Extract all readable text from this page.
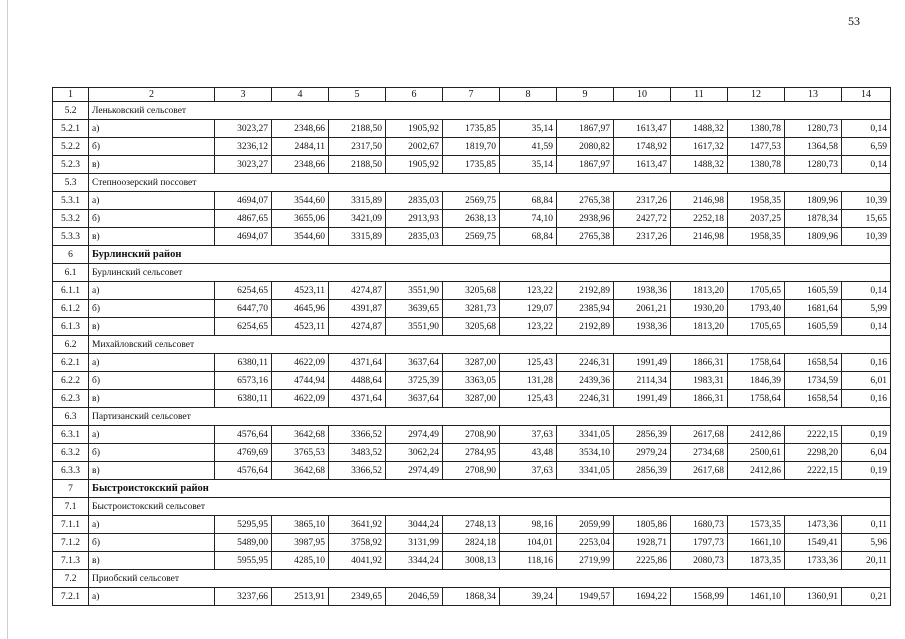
53
1	2	3	4	5	6	7	8	9	10	11	12	13	14
5.2	Леньковский сельсовет												
5.2.1	а)	3023,27	2348,66	2188,50	1905,92	1735,85	35,14	1867,97	1613,47	1488,32	1380,78	1280,73	0,14
5.2.2	б)	3236,12	2484,11	2317,50	2002,67	1819,70	41,59	2080,82	1748,92	1617,32	1477,53	1364,58	6,59
5.2.3	в)	3023,27	2348,66	2188,50	1905,92	1735,85	35,14	1867,97	1613,47	1488,32	1380,78	1280,73	0,14
5.3	Степноозерский поссовет												
5.3.1	а)	4694,07	3544,60	3315,89	2835,03	2569,75	68,84	2765,38	2317,26	2146,98	1958,35	1809,96	10,39
5.3.2	б)	4867,65	3655,06	3421,09	2913,93	2638,13	74,10	2938,96	2427,72	2252,18	2037,25	1878,34	15,65
5.3.3	в)	4694,07	3544,60	3315,89	2835,03	2569,75	68,84	2765,38	2317,26	2146,98	1958,35	1809,96	10,39
6	Бурлинский район												
6.1	Бурлинский сельсовет												
6.1.1	а)	6254,65	4523,11	4274,87	3551,90	3205,68	123,22	2192,89	1938,36	1813,20	1705,65	1605,59	0,14
6.1.2	б)	6447,70	4645,96	4391,87	3639,65	3281,73	129,07	2385,94	2061,21	1930,20	1793,40	1681,64	5,99
6.1.3	в)	6254,65	4523,11	4274,87	3551,90	3205,68	123,22	2192,89	1938,36	1813,20	1705,65	1605,59	0,14
6.2	Михайловский сельсовет												
6.2.1	а)	6380,11	4622,09	4371,64	3637,64	3287,00	125,43	2246,31	1991,49	1866,31	1758,64	1658,54	0,16
6.2.2	б)	6573,16	4744,94	4488,64	3725,39	3363,05	131,28	2439,36	2114,34	1983,31	1846,39	1734,59	6,01
6.2.3	в)	6380,11	4622,09	4371,64	3637,64	3287,00	125,43	2246,31	1991,49	1866,31	1758,64	1658,54	0,16
6.3	Партизанский сельсовет												
6.3.1	а)	4576,64	3642,68	3366,52	2974,49	2708,90	37,63	3341,05	2856,39	2617,68	2412,86	2222,15	0,19
6.3.2	б)	4769,69	3765,53	3483,52	3062,24	2784,95	43,48	3534,10	2979,24	2734,68	2500,61	2298,20	6,04
6.3.3	в)	4576,64	3642,68	3366,52	2974,49	2708,90	37,63	3341,05	2856,39	2617,68	2412,86	2222,15	0,19
7	Быстроистокский район												
7.1	Быстроистокский сельсовет												
7.1.1	а)	5295,95	3865,10	3641,92	3044,24	2748,13	98,16	2059,99	1805,86	1680,73	1573,35	1473,36	0,11
7.1.2	б)	5489,00	3987,95	3758,92	3131,99	2824,18	104,01	2253,04	1928,71	1797,73	1661,10	1549,41	5,96
7.1.3	в)	5955,95	4285,10	4041,92	3344,24	3008,13	118,16	2719,99	2225,86	2080,73	1873,35	1733,36	20,11
7.2	Приобский сельсовет												
7.2.1	а)	3237,66	2513,91	2349,65	2046,59	1868,34	39,24	1949,57	1694,22	1568,99	1461,10	1360,91	0,21
